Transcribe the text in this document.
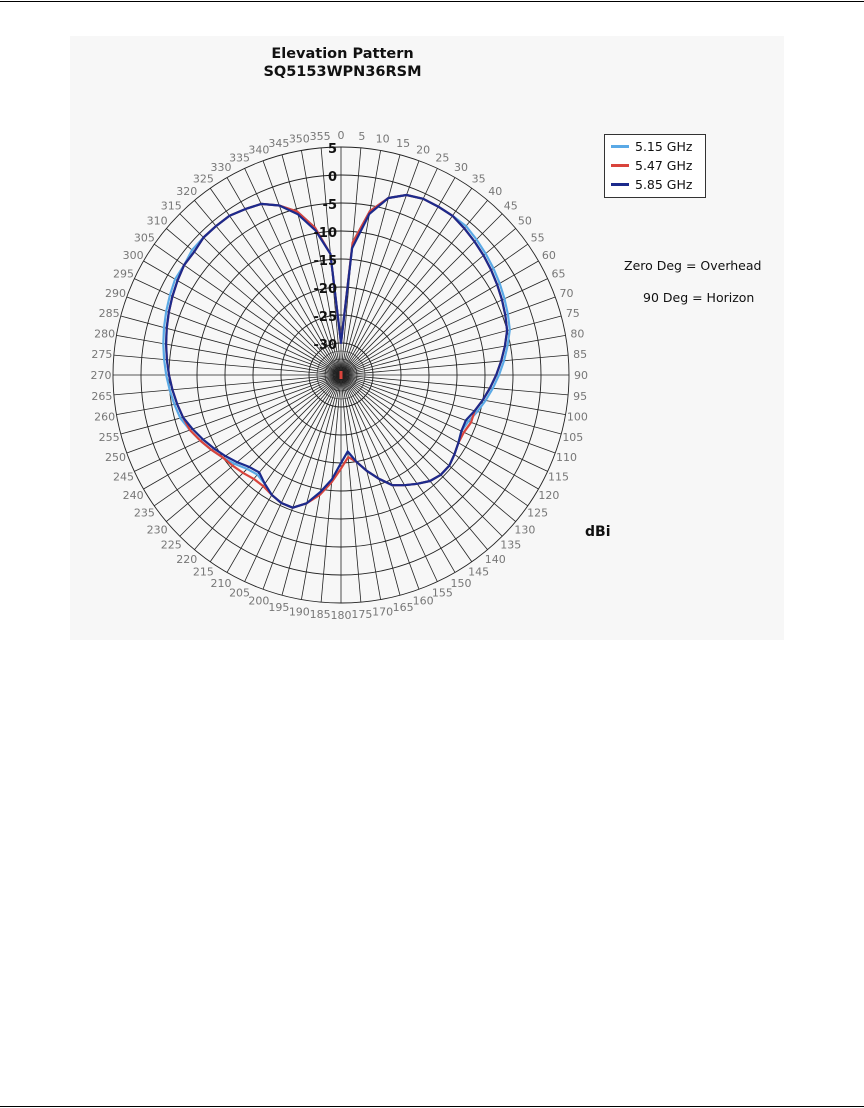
Elevation Pattern
SQ5153WPN36RSM
0 5 10 15 20
25
30
35
40
45
50
55
60
65
70
75
80
85
90
95
100
105
110
115
120
125
130
135
140
145
150
155
160
165
170
175
180
185
190
195
200
205
210
215
220
225
230
235
240
245
250
255
260
265
270
275
280
285
290
295
300
305
310
315
320
325
330
335
340
345 350 355
5
0
-5
-10
-15
-20
-25
-30
5.15 GHz
5.47 GHz
5.85 GHz
Zero Deg = Overhead
90 Deg = Horizon
dBi
